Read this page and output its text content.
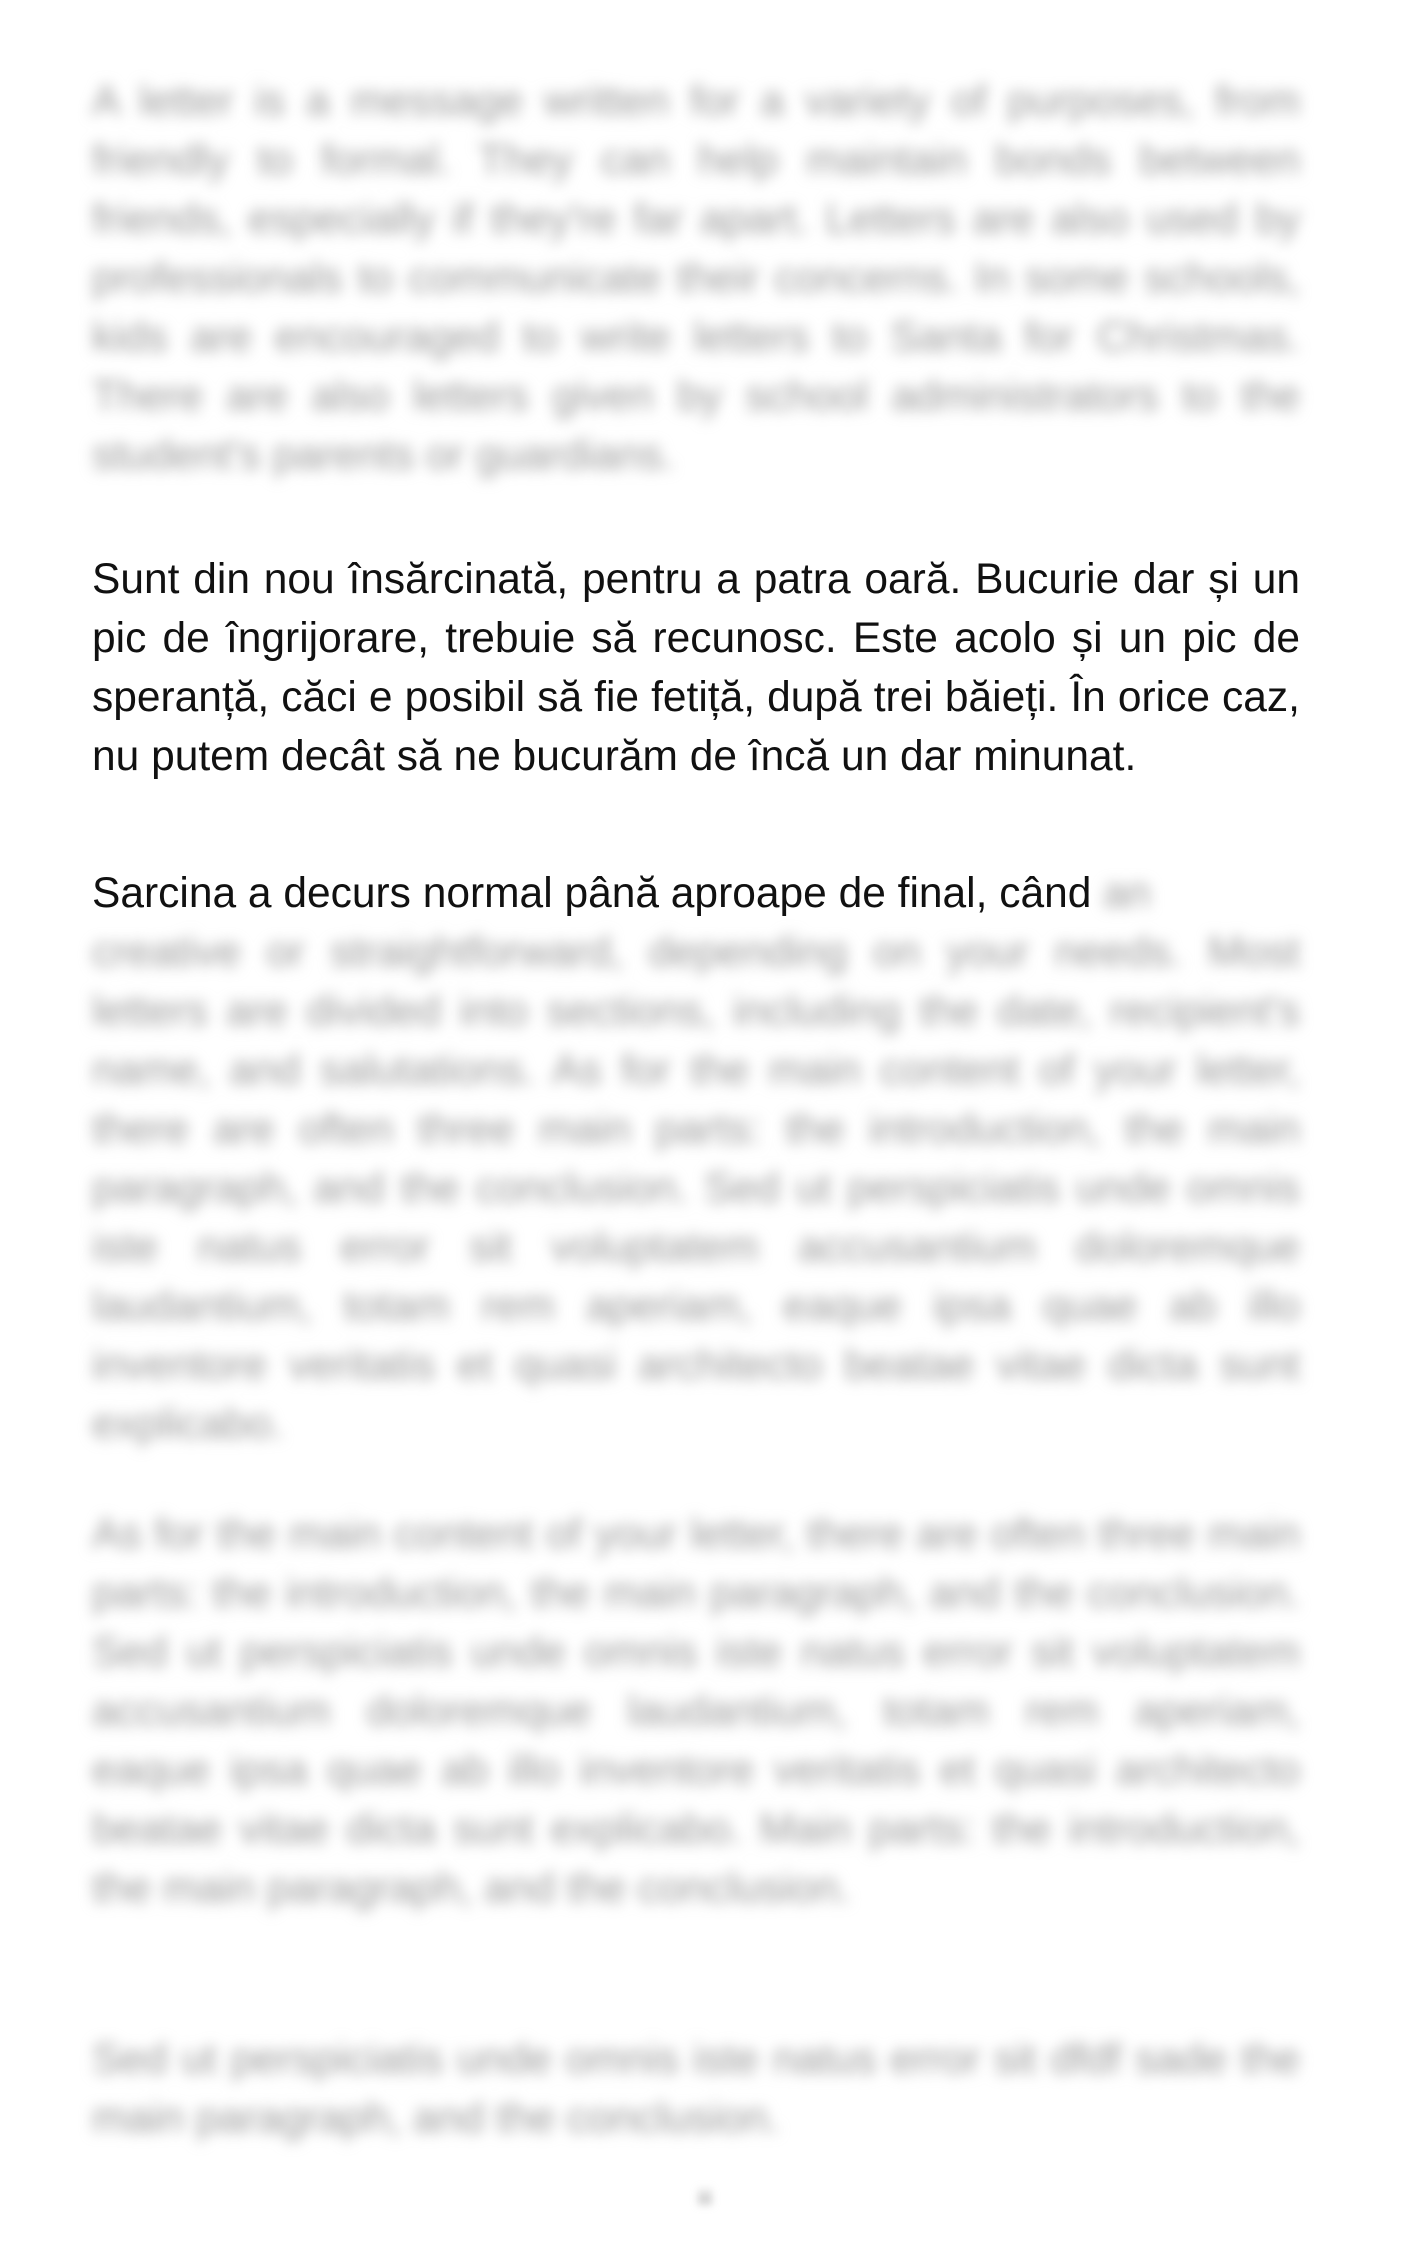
A letter is a message written for a variety of purposes, from friendly to formal. They can help maintain bonds between friends, especially if they're far apart. Letters are also used by professionals to communicate their concerns. In some schools, kids are encouraged to write letters to Santa for Christmas. There are also letters given by school administrators to the student's parents or guardians.

Sunt din nou însărcinată, pentru a patra oară. Bucurie dar și un pic de îngrijorare, trebuie să recunosc. Este acolo și un pic de speranță, căci e posibil să fie fetiță, după trei băieți. În orice caz, nu putem decât să ne bucurăm de încă un dar minunat.

Sarcina a decurs normal până aproape de final, când an

creative or straightforward, depending on your needs. Most letters are divided into sections, including the date, recipient's name, and salutations. As for the main content of your letter, there are often three main parts: the introduction, the main paragraph, and the conclusion. Sed ut perspiciatis unde omnis iste natus error sit voluptatem accusantium doloremque laudantium, totam rem aperiam, eaque ipsa quae ab illo inventore veritatis et quasi architecto beatae vitae dicta sunt explicabo.

As for the main content of your letter, there are often three main parts: the introduction, the main paragraph, and the conclusion. Sed ut perspiciatis unde omnis iste natus error sit voluptatem accusantium doloremque laudantium, totam rem aperiam, eaque ipsa quae ab illo inventore veritatis et quasi architecto beatae vitae dicta sunt explicabo. Main parts: the introduction, the main paragraph, and the conclusion.

Sed ut perspiciatis unde omnis iste natus error sit dfdf sade the main paragraph, and the conclusion.

iii
